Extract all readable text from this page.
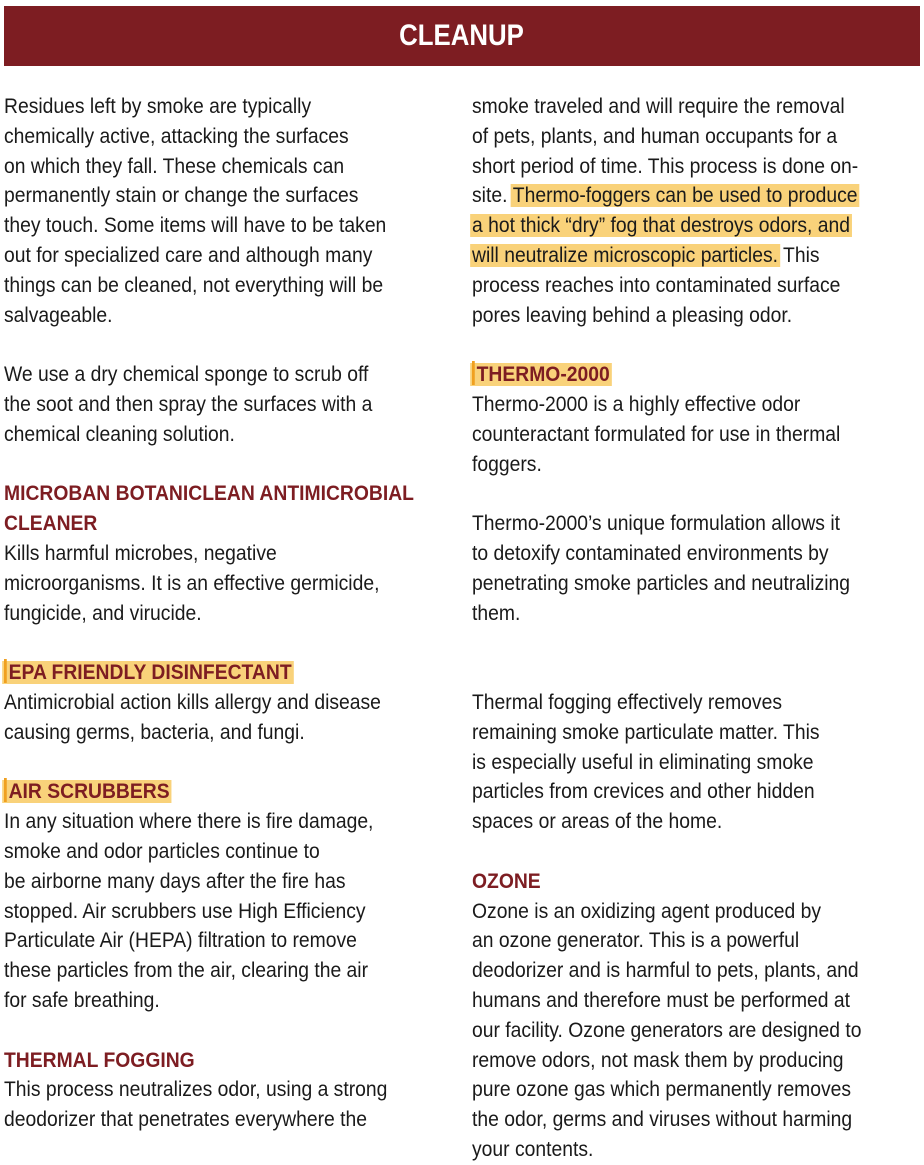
CLEANUP

Residues left by smoke are typically

chemically active, attacking the surfaces

on which they fall. These chemicals can

permanently stain or change the surfaces

they touch. Some items will have to be taken

out for specialized care and although many

things can be cleaned, not everything will be

salvageable.

We use a dry chemical sponge to scrub off

the soot and then spray the surfaces with a

chemical cleaning solution.

MICROBAN BOTANICLEAN ANTIMICROBIAL

CLEANER

Kills harmful microbes, negative

microorganisms. It is an effective germicide,

fungicide, and virucide.

EPA FRIENDLY DISINFECTANT

Antimicrobial action kills allergy and disease

causing germs, bacteria, and fungi.

AIR SCRUBBERS

In any situation where there is fire damage,

smoke and odor particles continue to

be airborne many days after the fire has

stopped. Air scrubbers use High Efficiency

Particulate Air (HEPA) filtration to remove

these particles from the air, clearing the air

for safe breathing.

THERMAL FOGGING

This process neutralizes odor, using a strong

deodorizer that penetrates everywhere the

smoke traveled and will require the removal

of pets, plants, and human occupants for a

short period of time. This process is done on-

site. Thermo-foggers can be used to produce

a hot thick “dry” fog that destroys odors, and

will neutralize microscopic particles. This

process reaches into contaminated surface

pores leaving behind a pleasing odor.

THERMO-2000

Thermo-2000 is a highly effective odor

counteractant formulated for use in thermal

foggers.

Thermo-2000’s unique formulation allows it

to detoxify contaminated environments by

penetrating smoke particles and neutralizing

them.

Thermal fogging effectively removes

remaining smoke particulate matter. This

is especially useful in eliminating smoke

particles from crevices and other hidden

spaces or areas of the home.

OZONE

Ozone is an oxidizing agent produced by

an ozone generator. This is a powerful

deodorizer and is harmful to pets, plants, and

humans and therefore must be performed at

our facility. Ozone generators are designed to

remove odors, not mask them by producing

pure ozone gas which permanently removes

the odor, germs and viruses without harming

your contents.
